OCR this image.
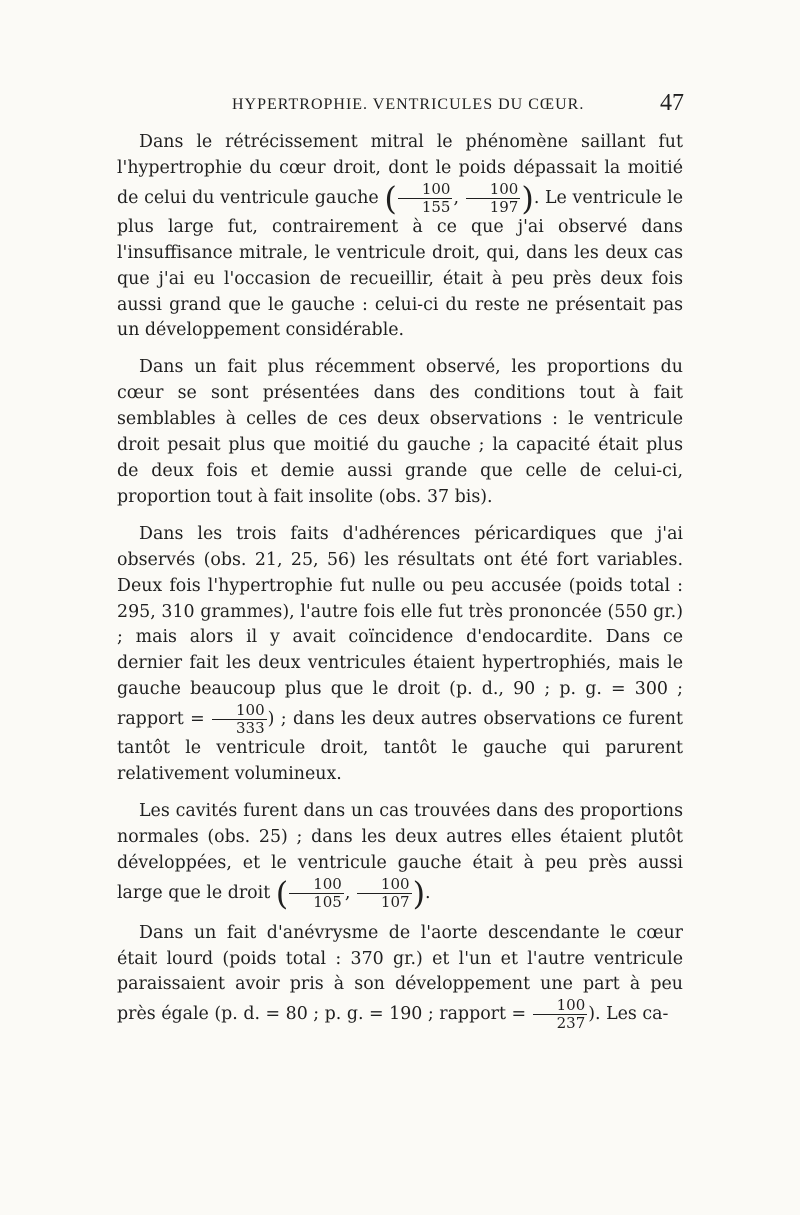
HYPERTROPHIE. VENTRICULES DU CŒUR.	47

Dans le rétrécissement mitral le phénomène saillant fut l'hypertrophie du cœur droit, dont le poids dépassait la moitié de celui du ventricule gauche ( $\frac{100}{155}$ , $\frac{100}{197}$ ). Le ventricule le plus large fut, contrairement à ce que j'ai observé dans l'insuffisance mitrale, le ventricule droit, qui, dans les deux cas que j'ai eu l'occasion de recueillir, était à peu près deux fois aussi grand que le gauche : celui-ci du reste ne présentait pas un développement considérable.

Dans un fait plus récemment observé, les proportions du cœur se sont présentées dans des conditions tout à fait semblables à celles de ces deux observations : le ventricule droit pesait plus que moitié du gauche ; la capacité était plus de deux fois et demie aussi grande que celle de celui-ci, proportion tout à fait insolite (obs. 37 bis).

Dans les trois faits d'adhérences péricardiques que j'ai observés (obs. 21, 25, 56) les résultats ont été fort variables. Deux fois l'hypertrophie fut nulle ou peu accusée (poids total : 295, 310 grammes), l'autre fois elle fut très prononcée (550 gr.) ; mais alors il y avait coïncidence d'endocardite. Dans ce dernier fait les deux ventricules étaient hypertrophiés, mais le gauche beaucoup plus que le droit (p. d., 90 ; p. g. = 300 ; rapport = $\frac{100}{333}$ ) ; dans les deux autres observations ce furent tantôt le ventricule droit, tantôt le gauche qui parurent relativement volumineux.

Les cavités furent dans un cas trouvées dans des proportions normales (obs. 25) ; dans les deux autres elles étaient plutôt développées, et le ventricule gauche était à peu près aussi large que le droit ( $\frac{100}{105}$ , $\frac{100}{107}$ ).

Dans un fait d'anévrysme de l'aorte descendante le cœur était lourd (poids total : 370 gr.) et l'un et l'autre ventricule paraissaient avoir pris à son développement une part à peu près égale (p. d. = 80 ; p. g. = 190 ; rapport = $\frac{100}{237}$ ). Les ca-
